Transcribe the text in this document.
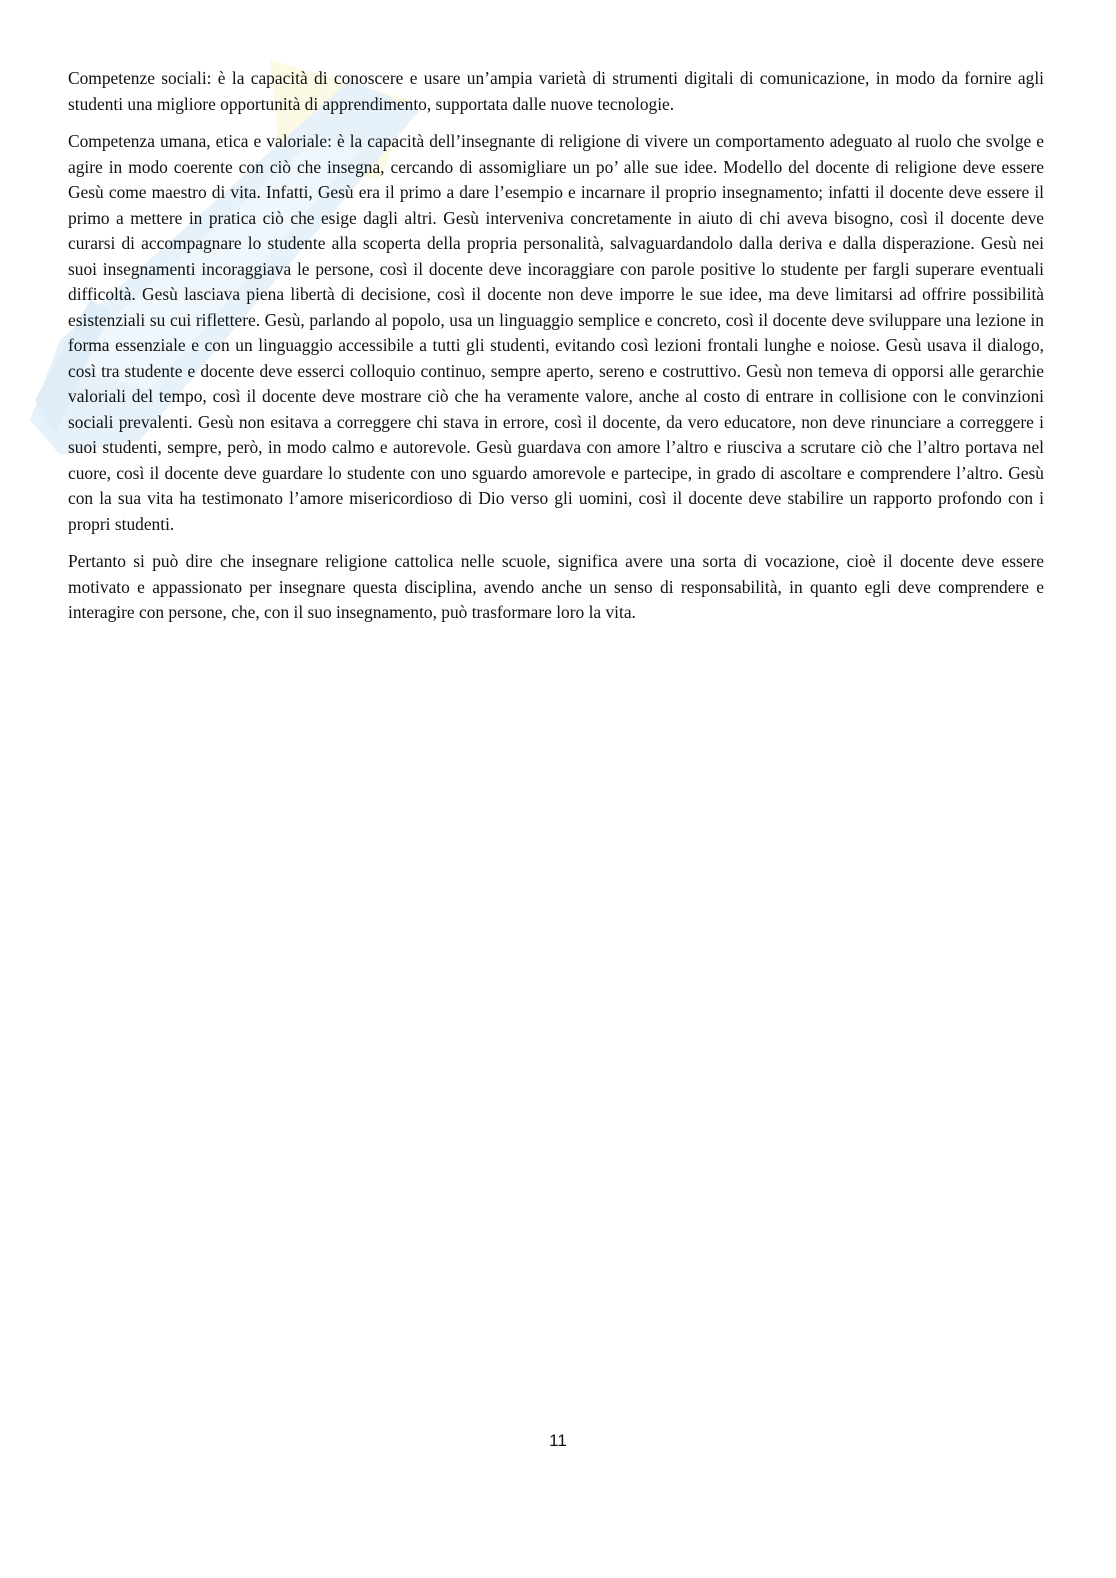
Competenze sociali: è la capacità di conoscere e usare un’ampia varietà di strumenti digitali di comunicazione, in modo da fornire agli studenti una migliore opportunità di apprendimento, supportata dalle nuove tecnologie.

Competenza umana, etica e valoriale: è la capacità dell’insegnante di religione di vivere un comportamento adeguato al ruolo che svolge e agire in modo coerente con ciò che insegna, cercando di assomigliare un po’ alle sue idee. Modello del docente di religione deve essere Gesù come maestro di vita. Infatti, Gesù era il primo a dare l’esempio e incarnare il proprio insegnamento; infatti il docente deve essere il primo a mettere in pratica ciò che esige dagli altri. Gesù interveniva concretamente in aiuto di chi aveva bisogno, così il docente deve curarsi di accompagnare lo studente alla scoperta della propria personalità, salvaguardandolo dalla deriva e dalla disperazione. Gesù nei suoi insegnamenti incoraggiava le persone, così il docente deve incoraggiare con parole positive lo studente per fargli superare eventuali difficoltà. Gesù lasciava piena libertà di decisione, così il docente non deve imporre le sue idee, ma deve limitarsi ad offrire possibilità esistenziali su cui riflettere. Gesù, parlando al popolo, usa un linguaggio semplice e concreto, così il docente deve sviluppare una lezione in forma essenziale e con un linguaggio accessibile a tutti gli studenti, evitando così lezioni frontali lunghe e noiose. Gesù usava il dialogo, così tra studente e docente deve esserci colloquio continuo, sempre aperto, sereno e costruttivo. Gesù non temeva di opporsi alle gerarchie valoriali del tempo, così il docente deve mostrare ciò che ha veramente valore, anche al costo di entrare in collisione con le convinzioni sociali prevalenti. Gesù non esitava a correggere chi stava in errore, così il docente, da vero educatore, non deve rinunciare a correggere i suoi studenti, sempre, però, in modo calmo e autorevole. Gesù guardava con amore l’altro e riusciva a scrutare ciò che l’altro portava nel cuore, così il docente deve guardare lo studente con uno sguardo amorevole e partecipe, in grado di ascoltare e comprendere l’altro. Gesù con la sua vita ha testimonato l’amore misericordioso di Dio verso gli uomini, così il docente deve stabilire un rapporto profondo con i propri studenti.

Pertanto si può dire che insegnare religione cattolica nelle scuole, significa avere una sorta di vocazione, cioè il docente deve essere motivato e appassionato per insegnare questa disciplina, avendo anche un senso di responsabilità, in quanto egli deve comprendere e interagire con persone, che, con il suo insegnamento, può trasformare loro la vita.

11
